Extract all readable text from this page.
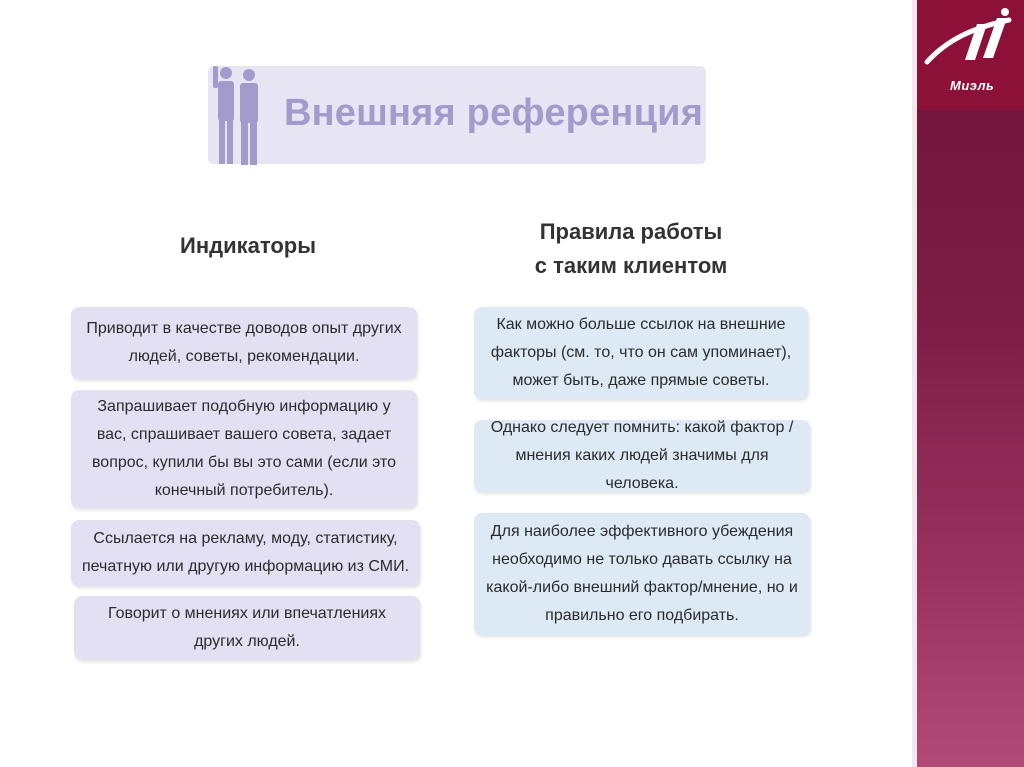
Миэль
Внешняя референция
Индикаторы
Правила работы
с таким клиентом
Приводит в качестве доводов опыт других людей, советы, рекомендации.
Запрашивает подобную информацию у вас, спрашивает вашего совета, задает вопрос, купили бы вы это сами (если это конечный потребитель).
Ссылается на рекламу, моду, статистику, печатную или другую информацию из СМИ.
Говорит о мнениях или впечатлениях других людей.
Как можно больше ссылок на внешние факторы (см. то, что он сам упоминает), может быть, даже прямые советы.
Однако следует помнить: какой фактор / мнения каких людей значимы для человека.
Для наиболее эффективного убеждения необходимо не только давать ссылку на какой-либо внешний фактор/мнение, но и правильно его подбирать.
